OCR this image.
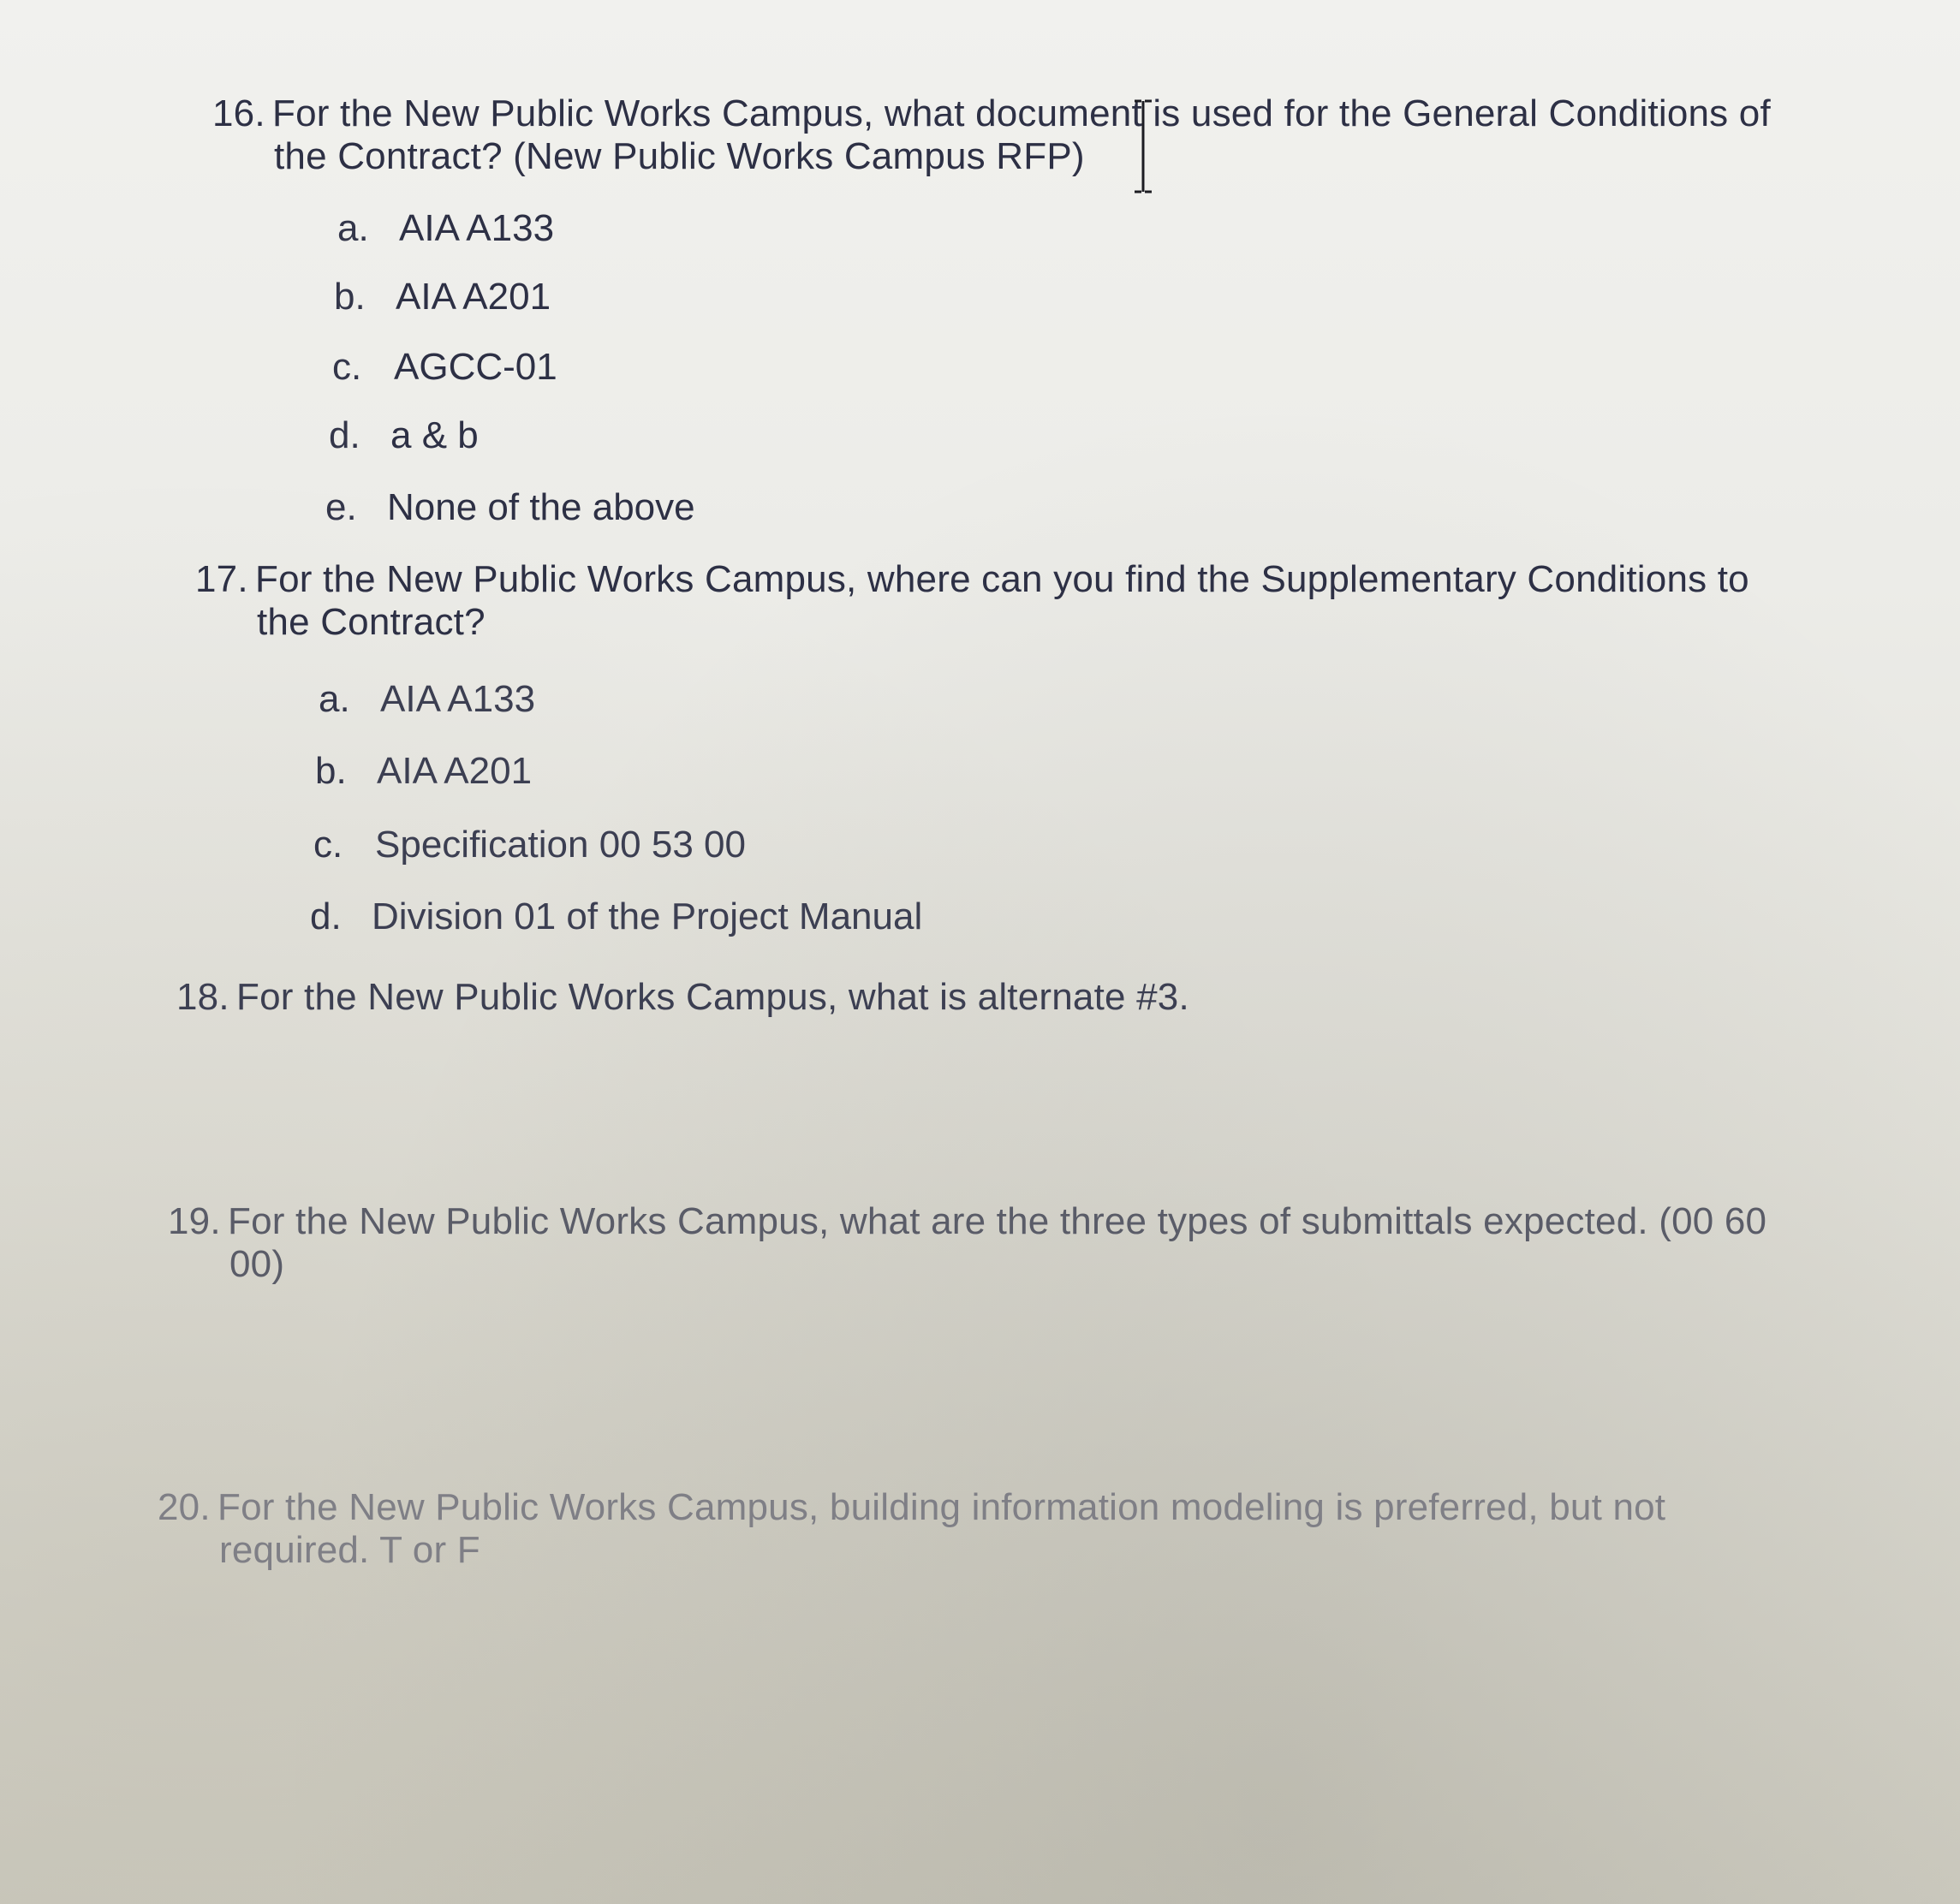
16. For the New Public Works Campus, what document is used for the General Conditions of
the Contract? (New Public Works Campus RFP)
a. AIA A133
b. AIA A201
c. AGCC-01
d. a & b
e. None of the above
17. For the New Public Works Campus, where can you find the Supplementary Conditions to
the Contract?
a. AIA A133
b. AIA A201
c. Specification 00 53 00
d. Division 01 of the Project Manual
18. For the New Public Works Campus, what is alternate #3.
19. For the New Public Works Campus, what are the three types of submittals expected. (00 60
00)
20. For the New Public Works Campus, building information modeling is preferred, but not
required. T or F
